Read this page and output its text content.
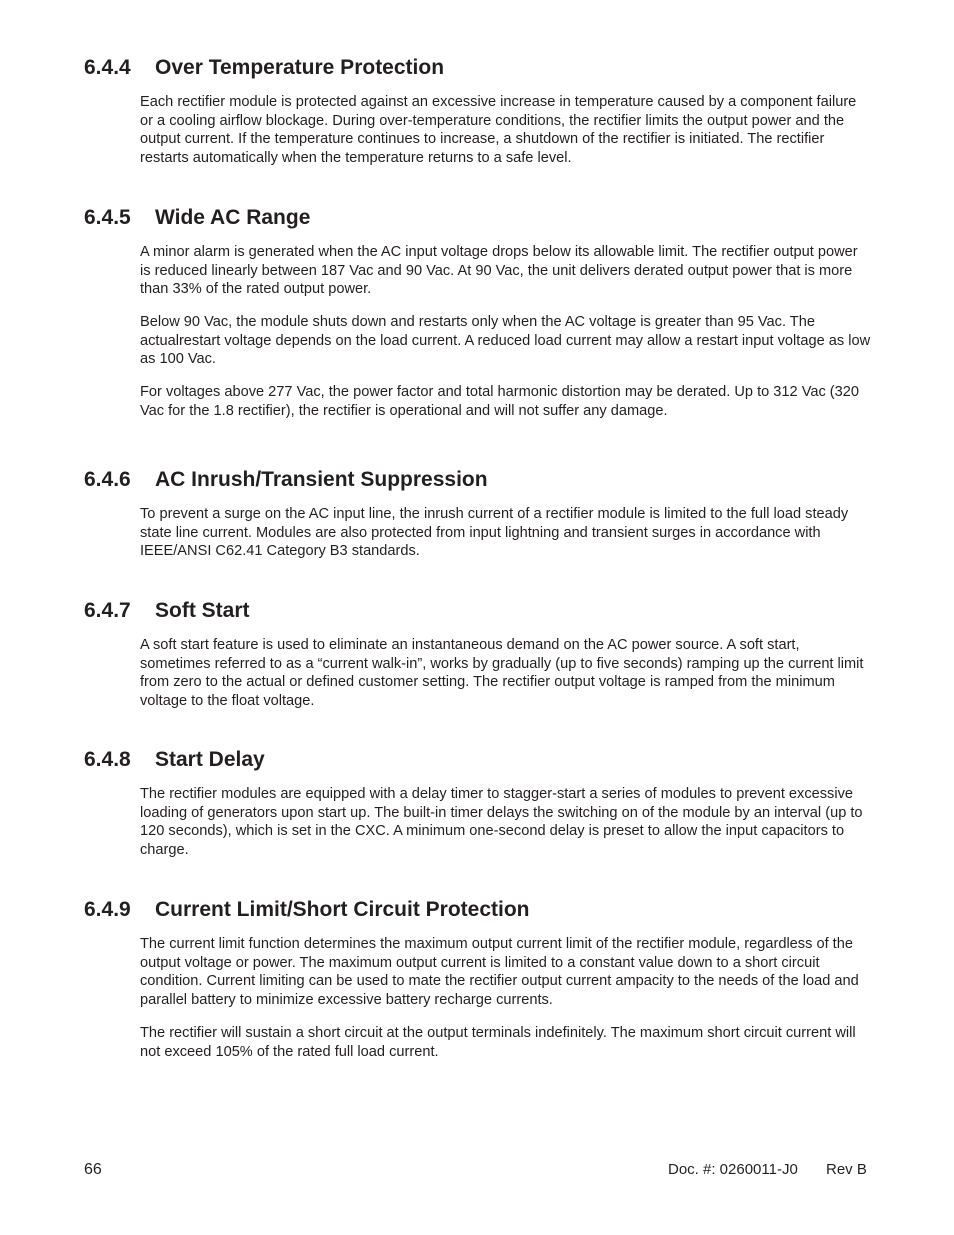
6.4.4 Over Temperature Protection

Each rectifier module is protected against an excessive increase in temperature caused by a component failure or a cooling airflow blockage. During over-temperature conditions, the rectifier limits the output power and the output current. If the temperature continues to increase, a shutdown of the rectifier is initiated. The rectifier restarts automatically when the temperature returns to a safe level.

6.4.5 Wide AC Range

A minor alarm is generated when the AC input voltage drops below its allowable limit. The rectifier output power is reduced linearly between 187 Vac and 90 Vac. At 90 Vac, the unit delivers derated output power that is more than 33% of the rated output power.

Below 90 Vac, the module shuts down and restarts only when the AC voltage is greater than 95 Vac. The actualrestart voltage depends on the load current. A reduced load current may allow a restart input voltage as low as 100 Vac.

For voltages above 277 Vac, the power factor and total harmonic distortion may be derated. Up to 312 Vac (320 Vac for the 1.8 rectifier), the rectifier is operational and will not suffer any damage.

6.4.6 AC Inrush/Transient Suppression

To prevent a surge on the AC input line, the inrush current of a rectifier module is limited to the full load steady state line current. Modules are also protected from input lightning and transient surges in accordance with IEEE/ANSI C62.41 Category B3 standards.

6.4.7 Soft Start

A soft start feature is used to eliminate an instantaneous demand on the AC power source. A soft start, sometimes referred to as a “current walk-in”, works by gradually (up to five seconds) ramping up the current limit from zero to the actual or defined customer setting. The rectifier output voltage is ramped from the minimum voltage to the float voltage.

6.4.8 Start Delay

The rectifier modules are equipped with a delay timer to stagger-start a series of modules to prevent excessive loading of generators upon start up. The built-in timer delays the switching on of the module by an interval (up to 120 seconds), which is set in the CXC. A minimum one-second delay is preset to allow the input capacitors to charge.

6.4.9 Current Limit/Short Circuit Protection

The current limit function determines the maximum output current limit of the rectifier module, regardless of the output voltage or power. The maximum output current is limited to a constant value down to a short circuit condition. Current limiting can be used to mate the rectifier output current ampacity to the needs of the load and parallel battery to minimize excessive battery recharge currents.

The rectifier will sustain a short circuit at the output terminals indefinitely. The maximum short circuit current will not exceed 105% of the rated full load current.

66	Doc. #: 0260011-J0 Rev B
